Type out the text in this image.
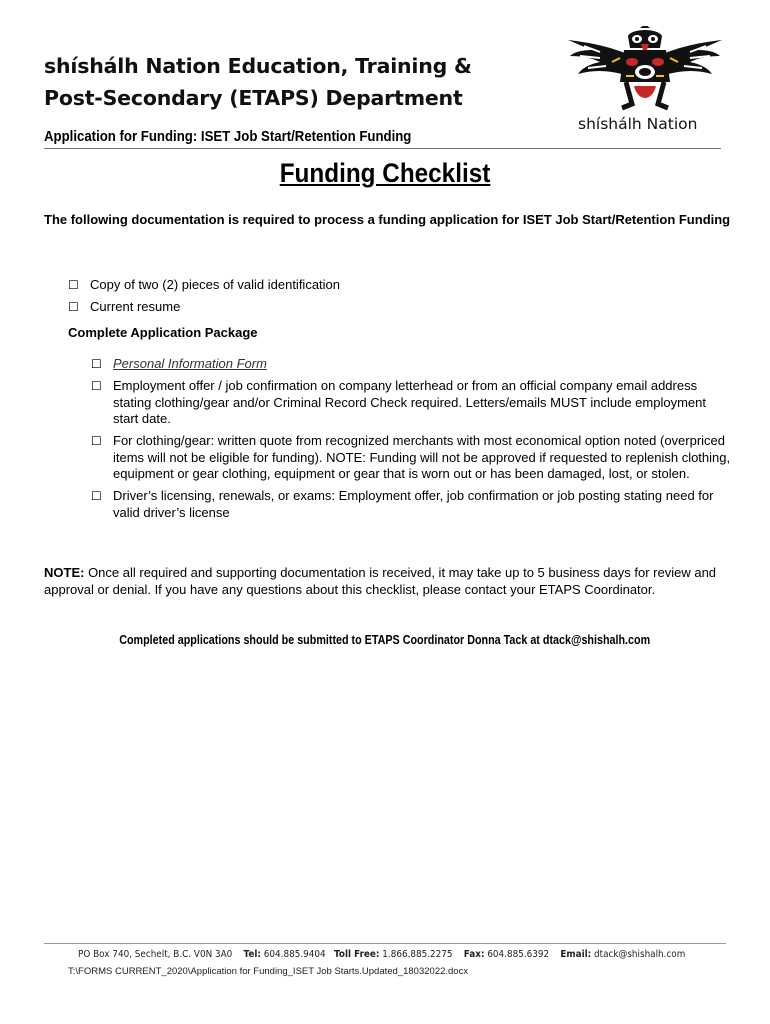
shíshálh Nation Education, Training &
Post-Secondary (ETAPS) Department
Application for Funding: ISET Job Start/Retention Funding
shíshálh Nation
Funding Checklist
The following documentation is required to process a funding application for ISET Job Start/Retention Funding
☐ Copy of two (2) pieces of valid identification
☐ Current resume
Complete Application Package
☐ Personal Information Form
☐ Employment offer / job confirmation on company letterhead or from an official company email address stating clothing/gear and/or Criminal Record Check required. Letters/emails MUST include employment start date.
☐ For clothing/gear: written quote from recognized merchants with most economical option noted (overpriced items will not be eligible for funding). NOTE: Funding will not be approved if requested to replenish clothing, equipment or gear clothing, equipment or gear that is worn out or has been damaged, lost, or stolen.
☐ Driver’s licensing, renewals, or exams: Employment offer, job confirmation or job posting stating need for valid driver’s license
NOTE: Once all required and supporting documentation is received, it may take up to 5 business days for review and approval or denial. If you have any questions about this checklist, please contact your ETAPS Coordinator.
Completed applications should be submitted to ETAPS Coordinator Donna Tack at dtack@shishalh.com
PO Box 740, Sechelt, B.C. V0N 3A0 Tel: 604.885.9404 Toll Free: 1.866.885.2275 Fax: 604.885.6392 Email: dtack@shishalh.com
T:\FORMS CURRENT_2020\Application for Funding_ISET Job Starts.Updated_18032022.docx
